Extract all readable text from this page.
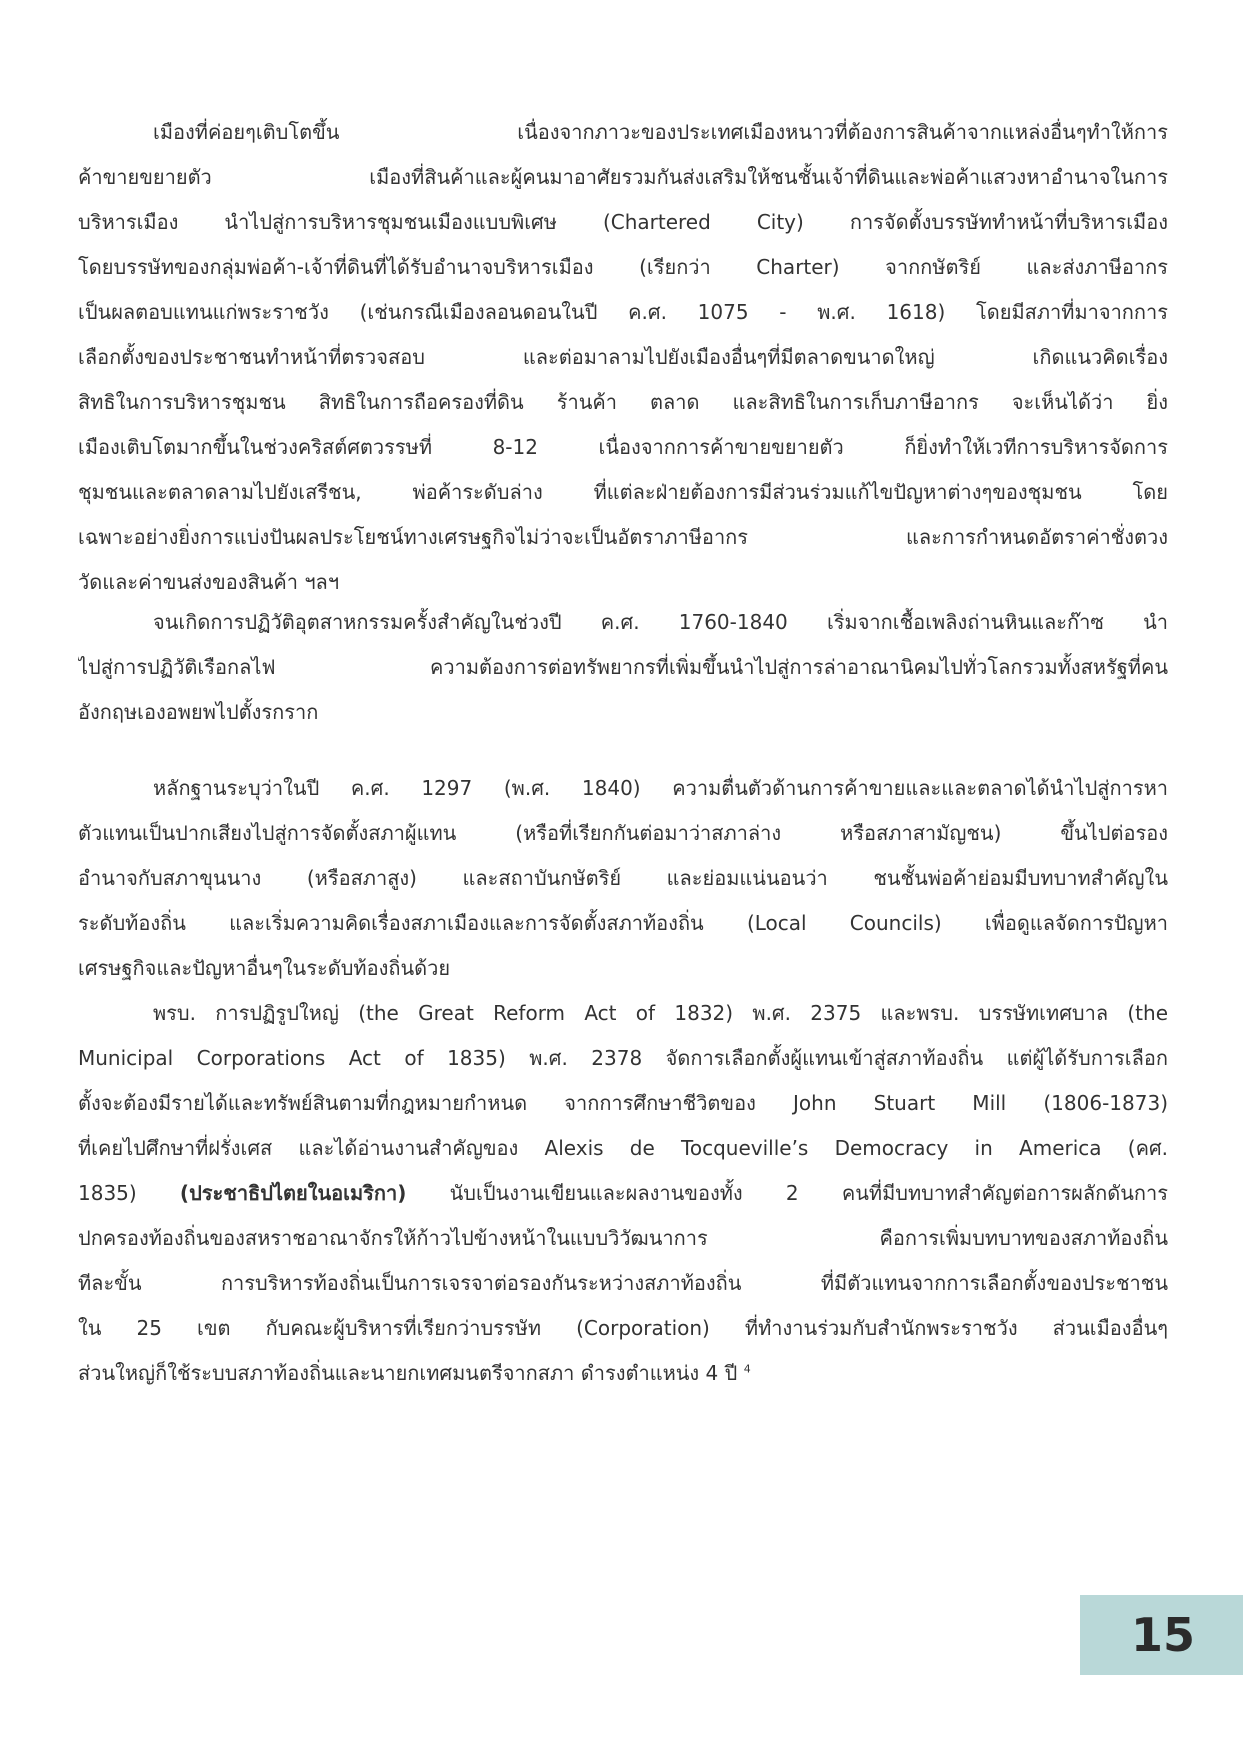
เมืองที่ค่อยๆเติบโตขึ้น เนื่องจากภาวะของประเทศเมืองหนาวที่ต้องการสินค้าจากแหล่งอื่นๆทำให้การ
ค้าขายขยายตัว เมืองที่สินค้าและผู้คนมาอาศัยรวมกันส่งเสริมให้ชนชั้นเจ้าที่ดินและพ่อค้าแสวงหาอำนาจในการ
บริหารเมือง นำไปสู่การบริหารชุมชนเมืองแบบพิเศษ (Chartered City) การจัดตั้งบรรษัททำหน้าที่บริหารเมือง
โดยบรรษัทของกลุ่มพ่อค้า-เจ้าที่ดินที่ได้รับอำนาจบริหารเมือง (เรียกว่า Charter) จากกษัตริย์ และส่งภาษีอากร
เป็นผลตอบแทนแก่พระราชวัง (เช่นกรณีเมืองลอนดอนในปี ค.ศ. 1075 - พ.ศ. 1618) โดยมีสภาที่มาจากการ
เลือกตั้งของประชาชนทำหน้าที่ตรวจสอบ และต่อมาลามไปยังเมืองอื่นๆที่มีตลาดขนาดใหญ่ เกิดแนวคิดเรื่อง
สิทธิในการบริหารชุมชน สิทธิในการถือครองที่ดิน ร้านค้า ตลาด และสิทธิในการเก็บภาษีอากร จะเห็นได้ว่า ยิ่ง
เมืองเติบโตมากขึ้นในช่วงคริสต์ศตวรรษที่ 8-12 เนื่องจากการค้าขายขยายตัว ก็ยิ่งทำให้เวทีการบริหารจัดการ
ชุมชนและตลาดลามไปยังเสรีชน, พ่อค้าระดับล่าง ที่แต่ละฝ่ายต้องการมีส่วนร่วมแก้ไขปัญหาต่างๆของชุมชน โดย
เฉพาะอย่างยิ่งการแบ่งปันผลประโยชน์ทางเศรษฐกิจไม่ว่าจะเป็นอัตราภาษีอากร และการกำหนดอัตราค่าชั่งตวง
วัดและค่าขนส่งของสินค้า ฯลฯ
จนเกิดการปฏิวัติอุตสาหกรรมครั้งสำคัญในช่วงปี ค.ศ. 1760-1840 เริ่มจากเชื้อเพลิงถ่านหินและก๊าซ นำ
ไปสู่การปฏิวัติเรือกลไฟ ความต้องการต่อทรัพยากรที่เพิ่มขึ้นนำไปสู่การล่าอาณานิคมไปทั่วโลกรวมทั้งสหรัฐที่คน
อังกฤษเองอพยพไปตั้งรกราก
หลักฐานระบุว่าในปี ค.ศ. 1297 (พ.ศ. 1840) ความตื่นตัวด้านการค้าขายและและตลาดได้นำไปสู่การหา
ตัวแทนเป็นปากเสียงไปสู่การจัดตั้งสภาผู้แทน (หรือที่เรียกกันต่อมาว่าสภาล่าง หรือสภาสามัญชน) ขึ้นไปต่อรอง
อำนาจกับสภาขุนนาง (หรือสภาสูง) และสถาบันกษัตริย์ และย่อมแน่นอนว่า ชนชั้นพ่อค้าย่อมมีบทบาทสำคัญใน
ระดับท้องถิ่น และเริ่มความคิดเรื่องสภาเมืองและการจัดตั้งสภาท้องถิ่น (Local Councils) เพื่อดูแลจัดการปัญหา
เศรษฐกิจและปัญหาอื่นๆในระดับท้องถิ่นด้วย
พรบ. การปฏิรูปใหญ่ (the Great Reform Act of 1832) พ.ศ. 2375 และพรบ. บรรษัทเทศบาล (the
Municipal Corporations Act of 1835) พ.ศ. 2378 จัดการเลือกตั้งผู้แทนเข้าสู่สภาท้องถิ่น แต่ผู้ได้รับการเลือก
ตั้งจะต้องมีรายได้และทรัพย์สินตามที่กฎหมายกำหนด จากการศึกษาชีวิตของ John Stuart Mill (1806-1873)
ที่เคยไปศึกษาที่ฝรั่งเศส และได้อ่านงานสำคัญของ Alexis de Tocqueville’s Democracy in America (คศ.
1835) (ประชาธิปไตยในอเมริกา) นับเป็นงานเขียนและผลงานของทั้ง 2 คนที่มีบทบาทสำคัญต่อการผลักดันการ
ปกครองท้องถิ่นของสหราชอาณาจักรให้ก้าวไปข้างหน้าในแบบวิวัฒนาการ คือการเพิ่มบทบาทของสภาท้องถิ่น
ทีละขั้น การบริหารท้องถิ่นเป็นการเจรจาต่อรองกันระหว่างสภาท้องถิ่น ที่มีตัวแทนจากการเลือกตั้งของประชาชน
ใน 25 เขต กับคณะผู้บริหารที่เรียกว่าบรรษัท (Corporation) ที่ทำงานร่วมกับสำนักพระราชวัง ส่วนเมืองอื่นๆ
ส่วนใหญ่ก็ใช้ระบบสภาท้องถิ่นและนายกเทศมนตรีจากสภา ดำรงตำแหน่ง 4 ปี $^4$
15
